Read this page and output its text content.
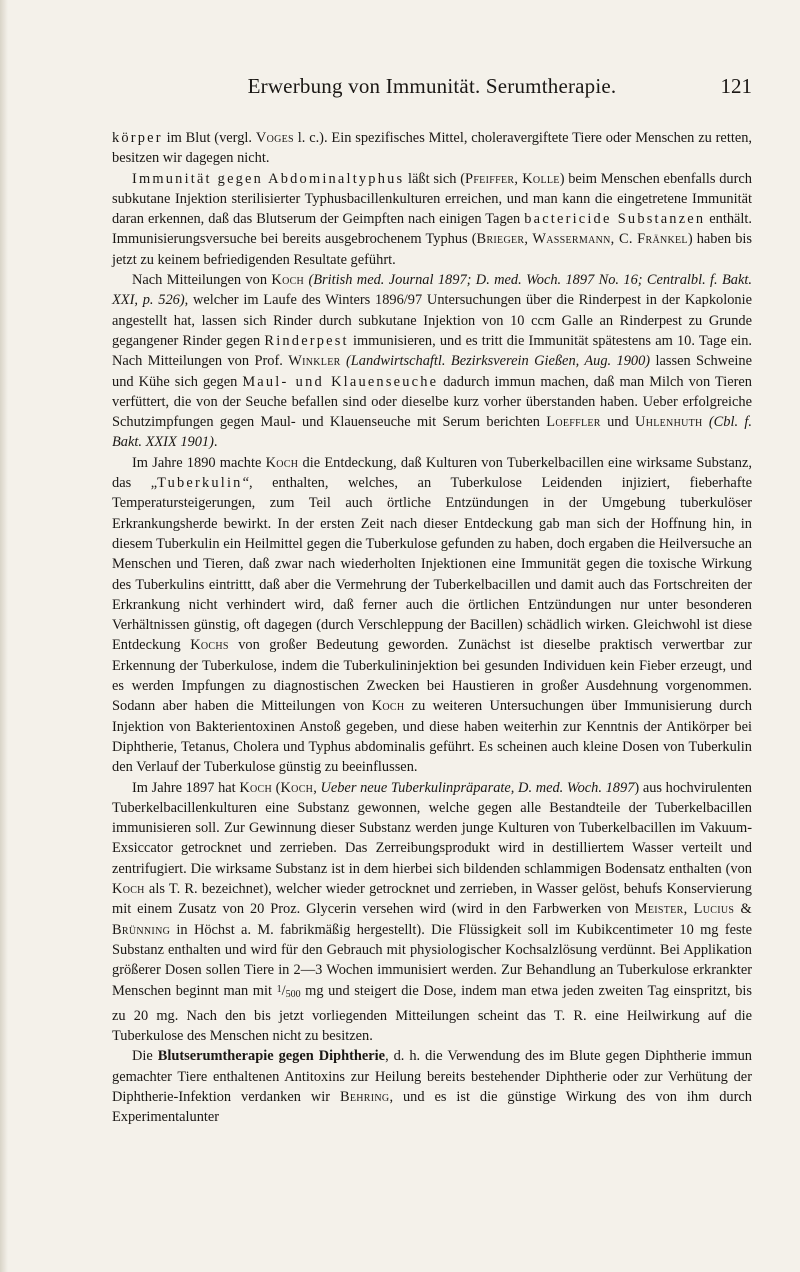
Erwerbung von Immunität. Serumtherapie.	121

körper im Blut (vergl. Voges l. c.). Ein spezifisches Mittel, choleravergiftete Tiere oder Menschen zu retten, besitzen wir dagegen nicht.

Immunität gegen Abdominaltyphus läßt sich (Pfeiffer, Kolle) beim Menschen ebenfalls durch subkutane Injektion sterilisierter Typhusbacillenkulturen erreichen, und man kann die eingetretene Immunität daran erkennen, daß das Blutserum der Geimpften nach einigen Tagen bactericide Substanzen enthält. Immunisierungsversuche bei bereits ausgebrochenem Typhus (Brieger, Wassermann, C. Fränkel) haben bis jetzt zu keinem befriedigenden Resultate geführt.

Nach Mitteilungen von Koch (British med. Journal 1897; D. med. Woch. 1897 No. 16; Centralbl. f. Bakt. XXI, p. 526), welcher im Laufe des Winters 1896/97 Untersuchungen über die Rinderpest in der Kapkolonie angestellt hat, lassen sich Rinder durch subkutane Injektion von 10 ccm Galle an Rinderpest zu Grunde gegangener Rinder gegen Rinderpest immunisieren, und es tritt die Immunität spätestens am 10. Tage ein. Nach Mitteilungen von Prof. Winkler (Landwirtschaftl. Bezirksverein Gießen, Aug. 1900) lassen Schweine und Kühe sich gegen Maul- und Klauenseuche dadurch immun machen, daß man Milch von Tieren verfüttert, die von der Seuche befallen sind oder dieselbe kurz vorher überstanden haben. Ueber erfolgreiche Schutzimpfungen gegen Maul- und Klauenseuche mit Serum berichten Loeffler und Uhlenhuth (Cbl. f. Bakt. XXIX 1901).

Im Jahre 1890 machte Koch die Entdeckung, daß Kulturen von Tuberkelbacillen eine wirksame Substanz, das „Tuberkulin“, enthalten, welches, an Tuberkulose Leidenden injiziert, fieberhafte Temperatursteigerungen, zum Teil auch örtliche Entzündungen in der Umgebung tuberkulöser Erkrankungsherde bewirkt. In der ersten Zeit nach dieser Entdeckung gab man sich der Hoffnung hin, in diesem Tuberkulin ein Heilmittel gegen die Tuberkulose gefunden zu haben, doch ergaben die Heilversuche an Menschen und Tieren, daß zwar nach wiederholten Injektionen eine Immunität gegen die toxische Wirkung des Tuberkulins eintrittt, daß aber die Vermehrung der Tuberkelbacillen und damit auch das Fortschreiten der Erkrankung nicht verhindert wird, daß ferner auch die örtlichen Entzündungen nur unter besonderen Verhältnissen günstig, oft dagegen (durch Verschleppung der Bacillen) schädlich wirken. Gleichwohl ist diese Entdeckung Kochs von großer Bedeutung geworden. Zunächst ist dieselbe praktisch verwertbar zur Erkennung der Tuberkulose, indem die Tuberkulininjektion bei gesunden Individuen kein Fieber erzeugt, und es werden Impfungen zu diagnostischen Zwecken bei Haustieren in großer Ausdehnung vorgenommen. Sodann aber haben die Mitteilungen von Koch zu weiteren Untersuchungen über Immunisierung durch Injektion von Bakterientoxinen Anstoß gegeben, und diese haben weiterhin zur Kenntnis der Antikörper bei Diphtherie, Tetanus, Cholera und Typhus abdominalis geführt. Es scheinen auch kleine Dosen von Tuberkulin den Verlauf der Tuberkulose günstig zu beeinflussen.

Im Jahre 1897 hat Koch (Koch, Ueber neue Tuberkulinpräparate, D. med. Woch. 1897) aus hochvirulenten Tuberkelbacillenkulturen eine Substanz gewonnen, welche gegen alle Bestandteile der Tuberkelbacillen immunisieren soll. Zur Gewinnung dieser Substanz werden junge Kulturen von Tuberkelbacillen im Vakuum-Exsiccator getrocknet und zerrieben. Das Zerreibungsprodukt wird in destilliertem Wasser verteilt und zentrifugiert. Die wirksame Substanz ist in dem hierbei sich bildenden schlammigen Bodensatz enthalten (von Koch als T. R. bezeichnet), welcher wieder getrocknet und zerrieben, in Wasser gelöst, behufs Konservierung mit einem Zusatz von 20 Proz. Glycerin versehen wird (wird in den Farbwerken von Meister, Lucius & Brünning in Höchst a. M. fabrikmäßig hergestellt). Die Flüssigkeit soll im Kubikcentimeter 10 mg feste Substanz enthalten und wird für den Gebrauch mit physiologischer Kochsalzlösung verdünnt. Bei Applikation größerer Dosen sollen Tiere in 2—3 Wochen immunisiert werden. Zur Behandlung an Tuberkulose erkrankter Menschen beginnt man mit $^1$/500 mg und steigert die Dose, indem man etwa jeden zweiten Tag einspritzt, bis zu 20 mg. Nach den bis jetzt vorliegenden Mitteilungen scheint das T. R. eine Heilwirkung auf die Tuberkulose des Menschen nicht zu besitzen.

Die Blutserumtherapie gegen Diphtherie, d. h. die Verwendung des im Blute gegen Diphtherie immun gemachter Tiere enthaltenen Antitoxins zur Heilung bereits bestehender Diphtherie oder zur Verhütung der Diphtherie-Infektion verdanken wir Behring, und es ist die günstige Wirkung des von ihm durch Experimentalunter
